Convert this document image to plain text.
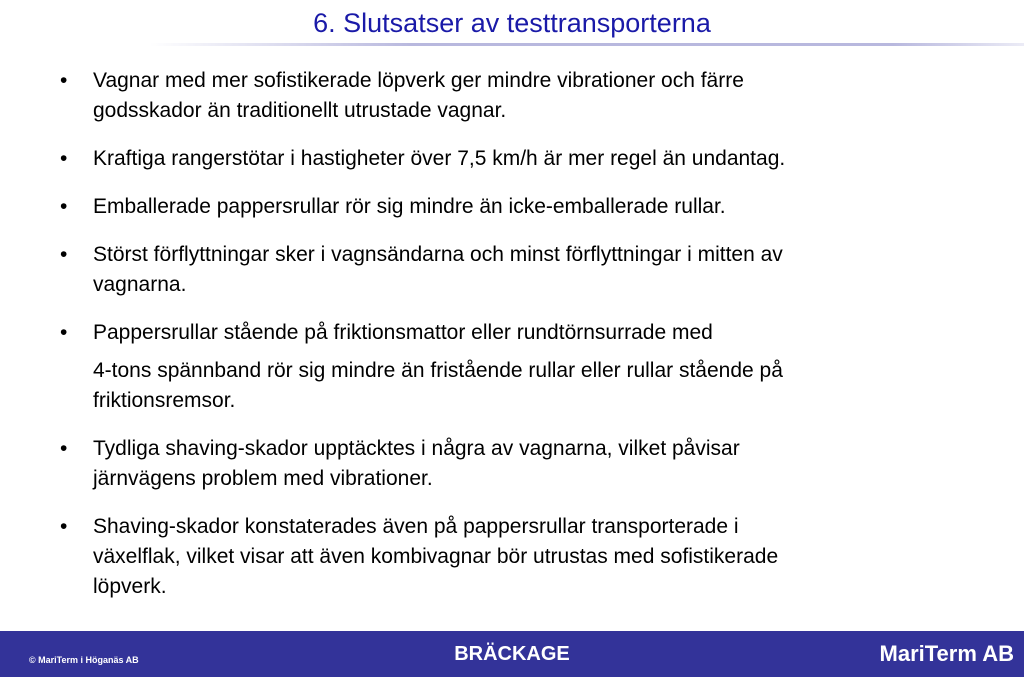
6. Slutsatser av testtransporterna
• Vagnar med mer sofistikerade löpverk ger mindre vibrationer och färre
godsskador än traditionellt utrustade vagnar.
• Kraftiga rangerstötar i hastigheter över 7,5 km/h är mer regel än undantag.
• Emballerade pappersrullar rör sig mindre än icke-emballerade rullar.
• Störst förflyttningar sker i vagnsändarna och minst förflyttningar i mitten av
vagnarna.
• Pappersrullar stående på friktionsmattor eller rundtörnsurrade med
4-tons spännband rör sig mindre än fristående rullar eller rullar stående på
friktionsremsor.
• Tydliga shaving-skador upptäcktes i några av vagnarna, vilket påvisar
järnvägens problem med vibrationer.
• Shaving-skador konstaterades även på pappersrullar transporterade i
växelflak, vilket visar att även kombivagnar bör utrustas med sofistikerade
löpverk.
© MariTerm i Höganäs AB	BRÄCKAGE	MariTerm AB
